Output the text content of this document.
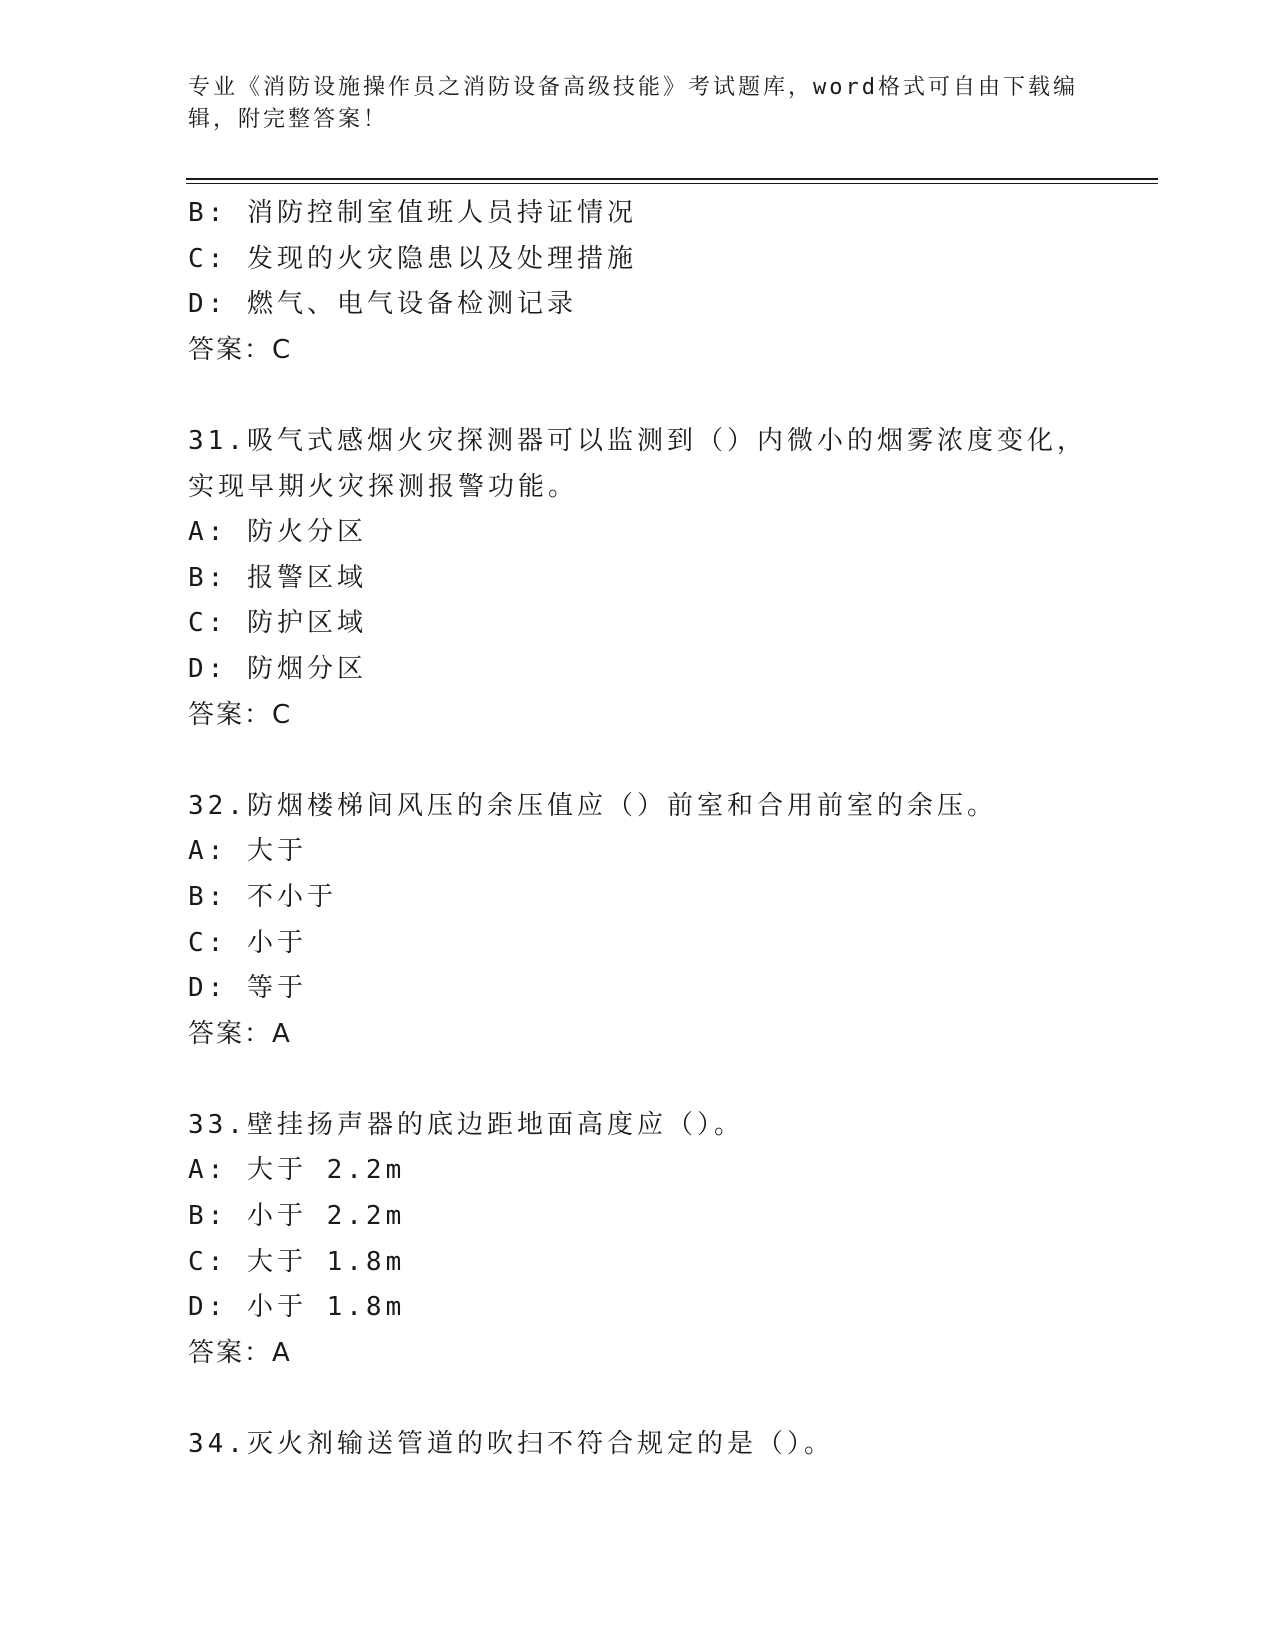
专业《消防设施操作员之消防设备高级技能》考试题库，word格式可自由下载编辑，附完整答案！
B: 消防控制室值班人员持证情况
C: 发现的火灾隐患以及处理措施
D: 燃气、电气设备检测记录
答案：C
31.吸气式感烟火灾探测器可以监测到（）内微小的烟雾浓度变化，实现早期火灾探测报警功能。
A: 防火分区
B: 报警区域
C: 防护区域
D: 防烟分区
答案：C
32.防烟楼梯间风压的余压值应（）前室和合用前室的余压。
A: 大于
B: 不小于
C: 小于
D: 等于
答案：A
33.壁挂扬声器的底边距地面高度应（）。
A: 大于 2.2m
B: 小于 2.2m
C: 大于 1.8m
D: 小于 1.8m
答案：A
34.灭火剂输送管道的吹扫不符合规定的是（）。
